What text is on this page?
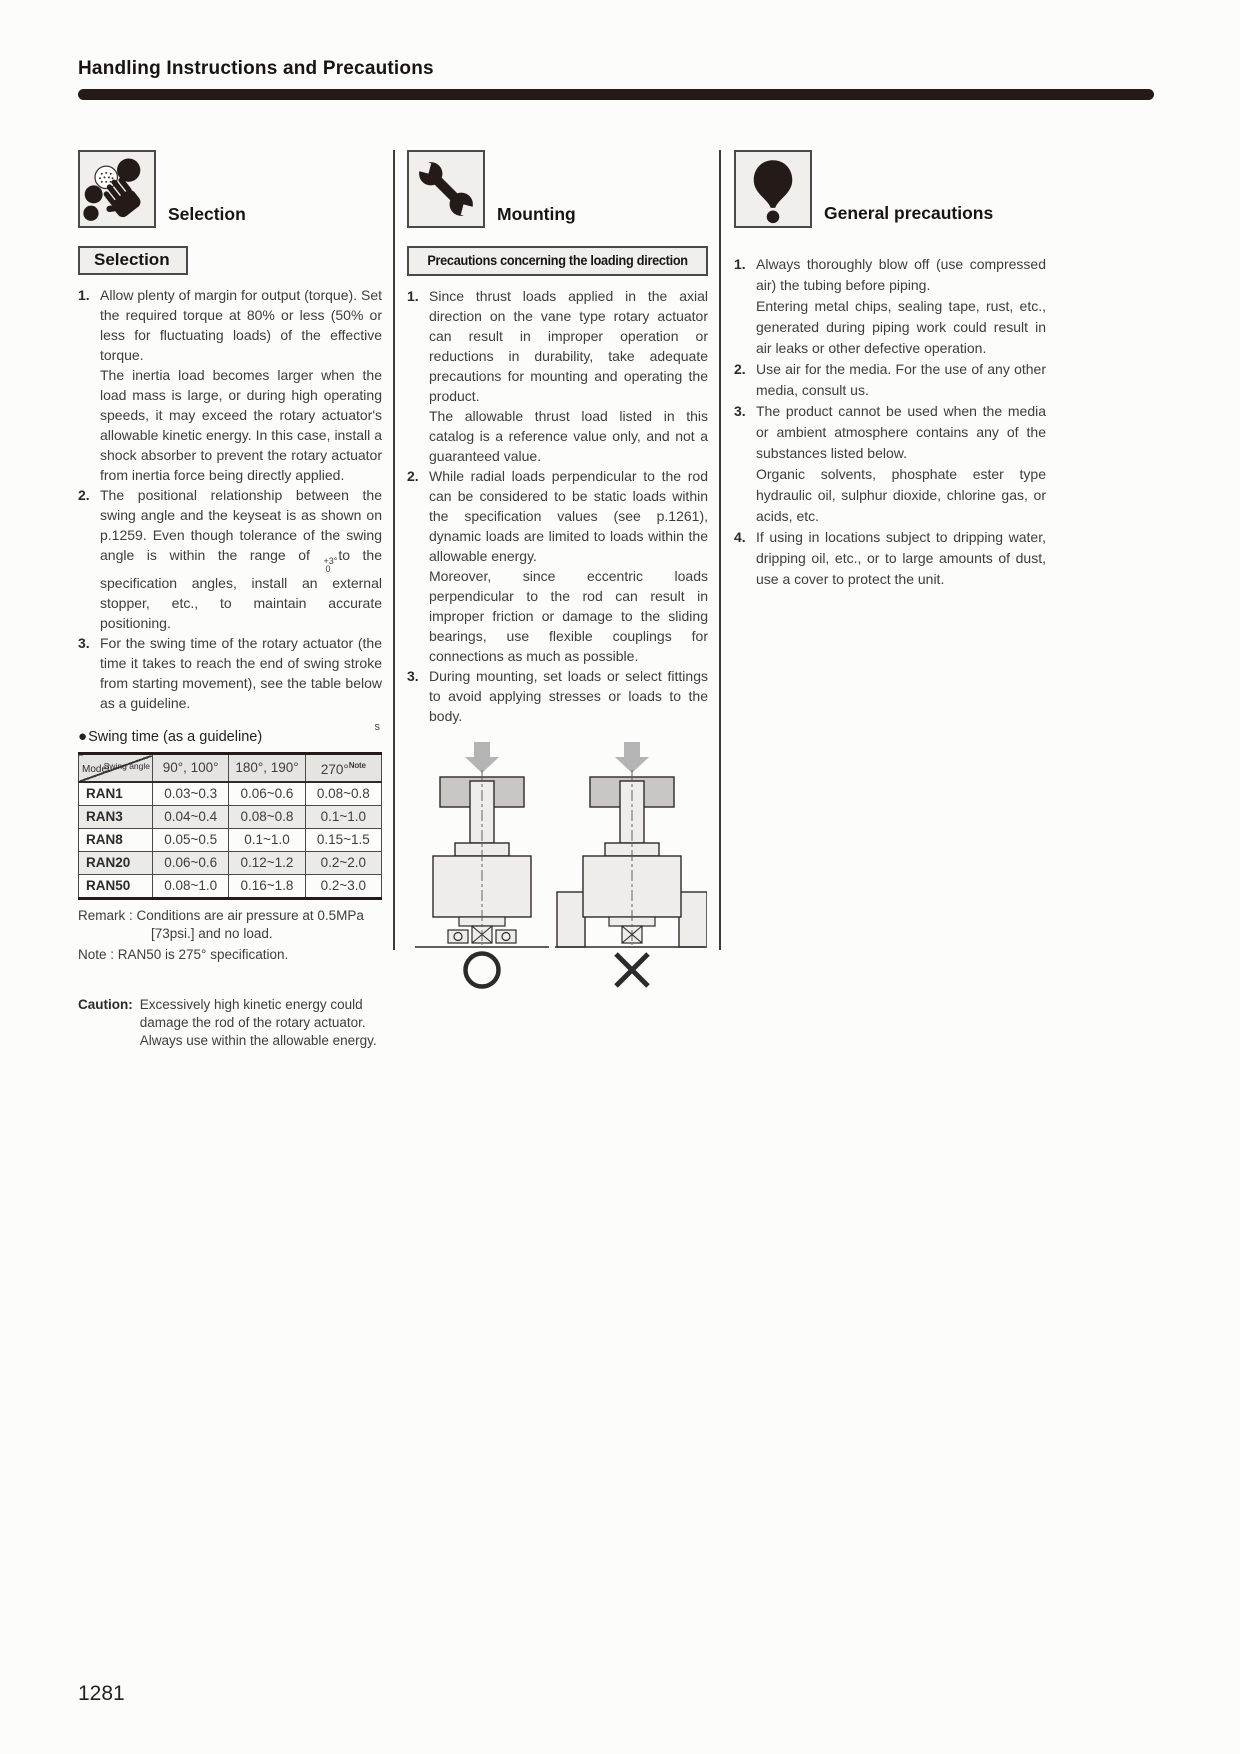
Handling Instructions and Precautions
Selection
Selection
1. Allow plenty of margin for output (torque). Set the required torque at 80% or less (50% or less for fluctuating loads) of the effective torque.

The inertia load becomes larger when the load mass is large, or during high operating speeds, it may exceed the rotary actuator's allowable kinetic energy. In this case, install a shock absorber to prevent the rotary actuator from inertia force being directly applied.

2. The positional relationship between the swing angle and the keyseat is as shown on p.1259. Even though tolerance of the swing angle is within the range of +3°
0
to the specification angles, install an external stopper, etc., to maintain accurate positioning.

3. For the swing time of the rotary actuator (the time it takes to reach the end of swing stroke from starting movement), see the table below as a guideline.

●Swing time (as a guideline)
s
Swing angle
Model	90°, 100°	180°, 190°	270°$^{Note}$
RAN1	0.03~0.3	0.06~0.6	0.08~0.8
RAN3	0.04~0.4	0.08~0.8	0.1~1.0
RAN8	0.05~0.5	0.1~1.0	0.15~1.5
RAN20	0.06~0.6	0.12~1.2	0.2~2.0
RAN50	0.08~1.0	0.16~1.8	0.2~3.0
Remark : Conditions are air pressure at 0.5MPa
[73psi.] and no load.
Note : RAN50 is 275° specification.
Caution: Excessively high kinetic energy could damage the rod of the rotary actuator. Always use within the allowable energy.
Mounting
Precautions concerning the loading direction
1. Since thrust loads applied in the axial direction on the vane type rotary actuator can result in improper operation or reductions in durability, take adequate precautions for mounting and operating the product.

The allowable thrust load listed in this catalog is a reference value only, and not a guaranteed value.

2. While radial loads perpendicular to the rod can be considered to be static loads within the specification values (see p.1261), dynamic loads are limited to loads within the allowable energy.

Moreover, since eccentric loads perpendicular to the rod can result in improper friction or damage to the sliding bearings, use flexible couplings for connections as much as possible.

3. During mounting, set loads or select fittings to avoid applying stresses or loads to the body.

General precautions
1. Always thoroughly blow off (use compressed air) the tubing before piping.

Entering metal chips, sealing tape, rust, etc., generated during piping work could result in air leaks or other defective operation.

2. Use air for the media. For the use of any other media, consult us.

3. The product cannot be used when the media or ambient atmosphere contains any of the substances listed below.

Organic solvents, phosphate ester type hydraulic oil, sulphur dioxide, chlorine gas, or acids, etc.

4. If using in locations subject to dripping water, dripping oil, etc., or to large amounts of dust, use a cover to protect the unit.

1281
